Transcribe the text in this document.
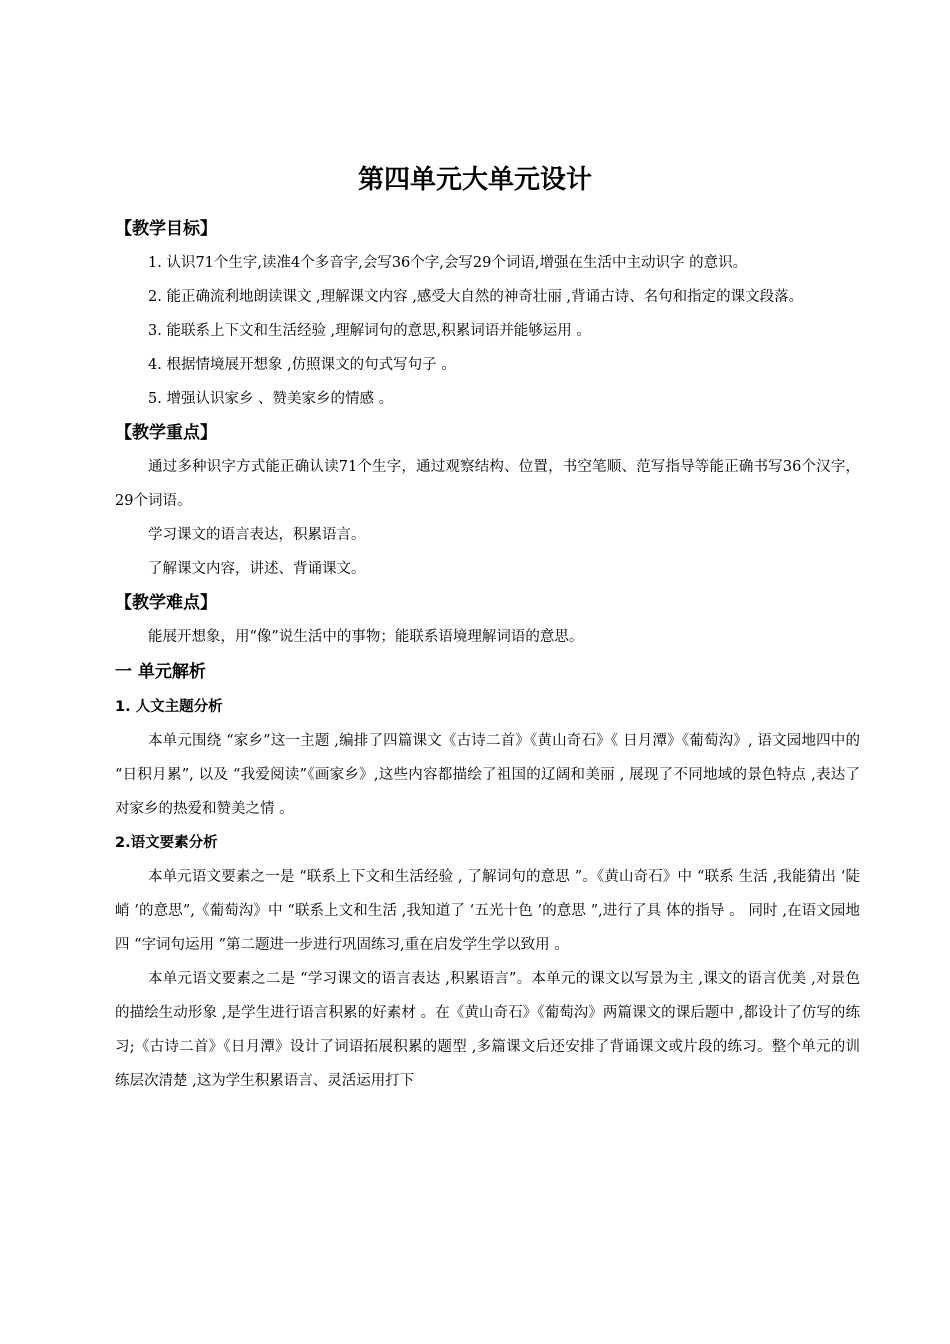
第四单元大单元设计
【教学目标】

1. 认识71个生字,读准4个多音字,会写36个字,会写29个词语,增强在生活中主动识字 的意识。

2. 能正确流利地朗读课文 ,理解课文内容 ,感受大自然的神奇壮丽 ,背诵古诗、名句和指定的课文段落。

3. 能联系上下文和生活经验 ,理解词句的意思,积累词语并能够运用 。

4. 根据情境展开想象 ,仿照课文的句式写句子 。

5. 增强认识家乡 、赞美家乡的情感 。

【教学重点】

通过多种识字方式能正确认读71个生字，通过观察结构、位置，书空笔顺、范写指导等能正确书写36个汉字，29个词语。

学习课文的语言表达，积累语言。

了解课文内容，讲述、背诵课文。

【教学难点】

能展开想象，用“像”说生活中的事物；能联系语境理解词语的意思。

一 单元解析
1. 人文主题分析

本单元围绕 “家乡”这一主题 ,编排了四篇课文《古诗二首》《黄山奇石》《 日月潭》《葡萄沟》, 语文园地四中的 “日积月累”, 以及 “我爱阅读”《画家乡》,这些内容都描绘了祖国的辽阔和美丽 , 展现了不同地域的景色特点 ,表达了对家乡的热爱和赞美之情 。

2.语文要素分析

本单元语文要素之一是 “联系上下文和生活经验 , 了解词句的意思 ”。《黄山奇石》中 “联系 生活 ,我能猜出 ‘陡峭 ’的意思”,《葡萄沟》中 “联系上文和生活 ,我知道了 ‘五光十色 ’的意思 ”,进行了具 体的指导 。 同时 ,在语文园地四 “字词句运用 ”第二题进一步进行巩固练习,重在启发学生学以致用 。

本单元语文要素之二是 “学习课文的语言表达 ,积累语言”。本单元的课文以写景为主 ,课文的语言优美 ,对景色的描绘生动形象 ,是学生进行语言积累的好素材 。在《黄山奇石》《葡萄沟》两篇课文的课后题中 ,都设计了仿写的练习;《古诗二首》《日月潭》设计了词语拓展积累的题型 ,多篇课文后还安排了背诵课文或片段的练习。整个单元的训练层次清楚 ,这为学生积累语言、灵活运用打下
